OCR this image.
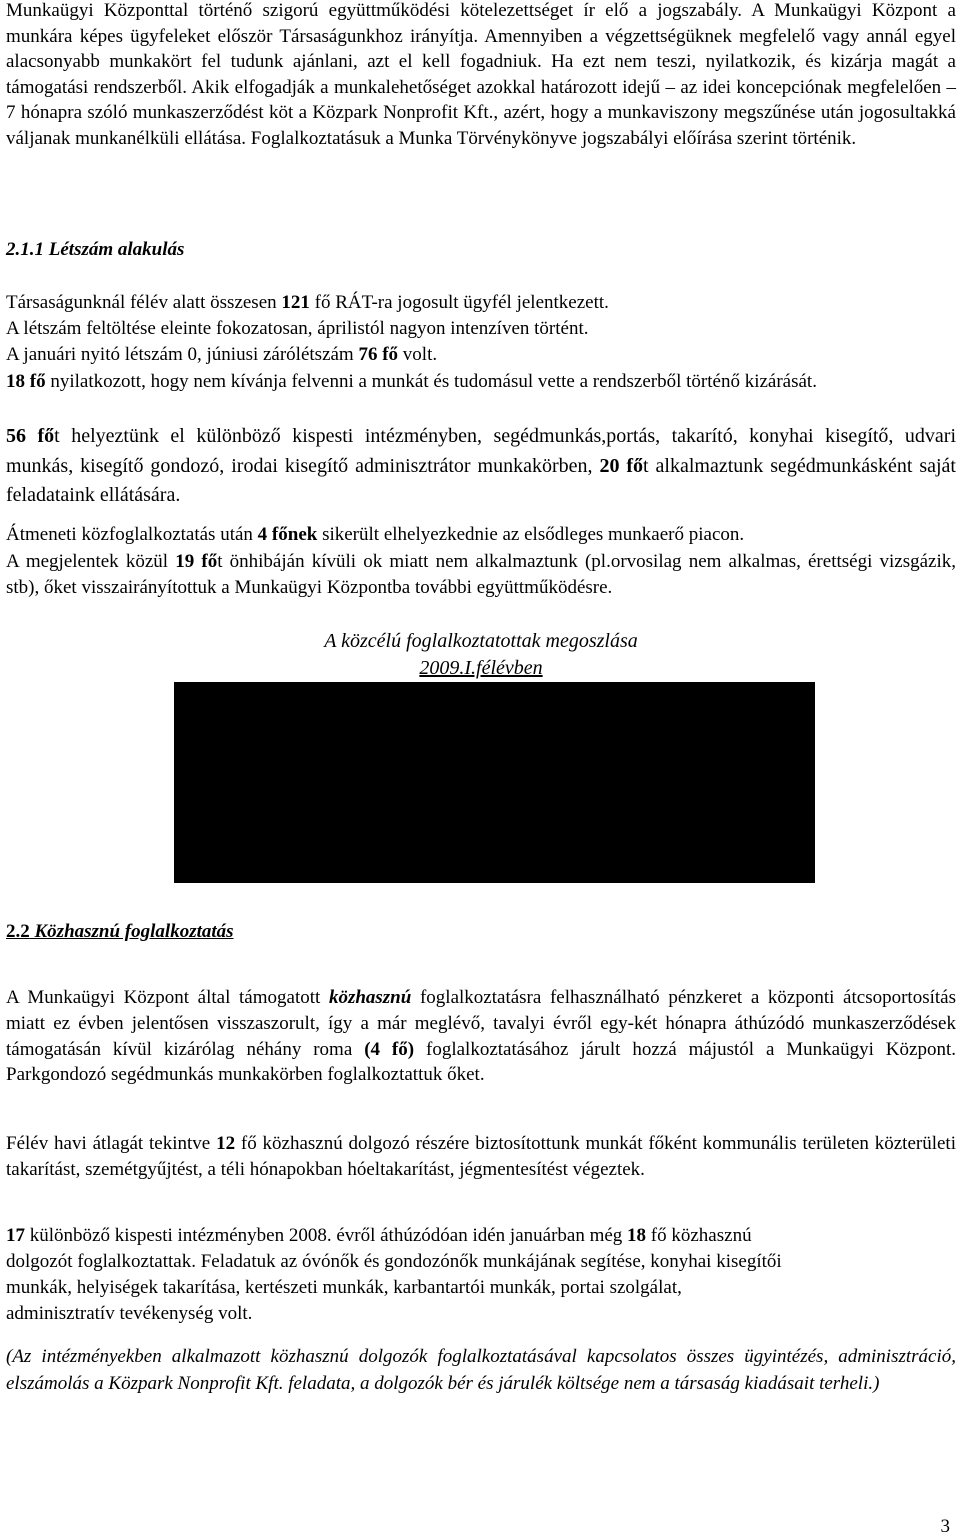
Munkaügyi Központtal történő szigorú együttműködési kötelezettséget ír elő a jogszabály. A Munkaügyi Központ a munkára képes ügyfeleket először Társaságunkhoz irányítja. Amennyiben a végzettségüknek megfelelő vagy annál egyel alacsonyabb munkakört fel tudunk ajánlani, azt el kell fogadniuk. Ha ezt nem teszi, nyilatkozik, és kizárja magát a támogatási rendszerből. Akik elfogadják a munkalehetőséget azokkal határozott idejű – az idei koncepciónak megfelelően – 7 hónapra szóló munkaszerződést köt a Közpark Nonprofit Kft., azért, hogy a munkaviszony megszűnése után jogosultakká váljanak munkanélküli ellátása. Foglalkoztatásuk a Munka Törvénykönyve jogszabályi előírása szerint történik.

2.1.1 Létszám alakulás

Társaságunknál félév alatt összesen 121 fő RÁT-ra jogosult ügyfél jelentkezett.

A létszám feltöltése eleinte fokozatosan, áprilistól nagyon intenzíven történt.

A januári nyitó létszám 0, júniusi zárólétszám 76 fő volt.

18 fő nyilatkozott, hogy nem kívánja felvenni a munkát és tudomásul vette a rendszerből történő kizárását.

56 főt helyeztünk el különböző kispesti intézményben, segédmunkás,portás, takarító, konyhai kisegítő, udvari munkás, kisegítő gondozó, irodai kisegítő adminisztrátor munkakörben, 20 főt alkalmaztunk segédmunkásként saját feladataink ellátására.

Átmeneti közfoglalkoztatás után 4 főnek sikerült elhelyezkednie az elsődleges munkaerő piacon.

A megjelentek közül 19 főt önhibáján kívüli ok miatt nem alkalmaztunk (pl.orvosilag nem alkalmas, érettségi vizsgázik, stb), őket visszairányítottuk a Munkaügyi Központba további együttműködésre.

A közcélú foglalkoztatottak megoszlása

2009.I.félévben

2.2 Közhasznú foglalkoztatás

A Munkaügyi Központ által támogatott közhasznú foglalkoztatásra felhasználható pénzkeret a központi átcsoportosítás miatt ez évben jelentősen visszaszorult, így a már meglévő, tavalyi évről egy-két hónapra áthúzódó munkaszerződések támogatásán kívül kizárólag néhány roma (4 fő) foglalkoztatásához járult hozzá májustól a Munkaügyi Központ. Parkgondozó segédmunkás munkakörben foglalkoztattuk őket.

Félév havi átlagát tekintve 12 fő közhasznú dolgozó részére biztosítottunk munkát főként kommunális területen közterületi takarítást, szemétgyűjtést, a téli hónapokban hóeltakarítást, jégmentesítést végeztek.

17 különböző kispesti intézményben 2008. évről áthúzódóan idén januárban még 18 fő közhasznú

dolgozót foglalkoztattak. Feladatuk az óvónők és gondozónők munkájának segítése, konyhai kisegítői

munkák, helyiségek takarítása, kertészeti munkák, karbantartói munkák, portai szolgálat,

adminisztratív tevékenység volt.

(Az intézményekben alkalmazott közhasznú dolgozók foglalkoztatásával kapcsolatos összes ügyintézés, adminisztráció, elszámolás a Közpark Nonprofit Kft. feladata, a dolgozók bér és járulék költsége nem a társaság kiadásait terheli.)

3
